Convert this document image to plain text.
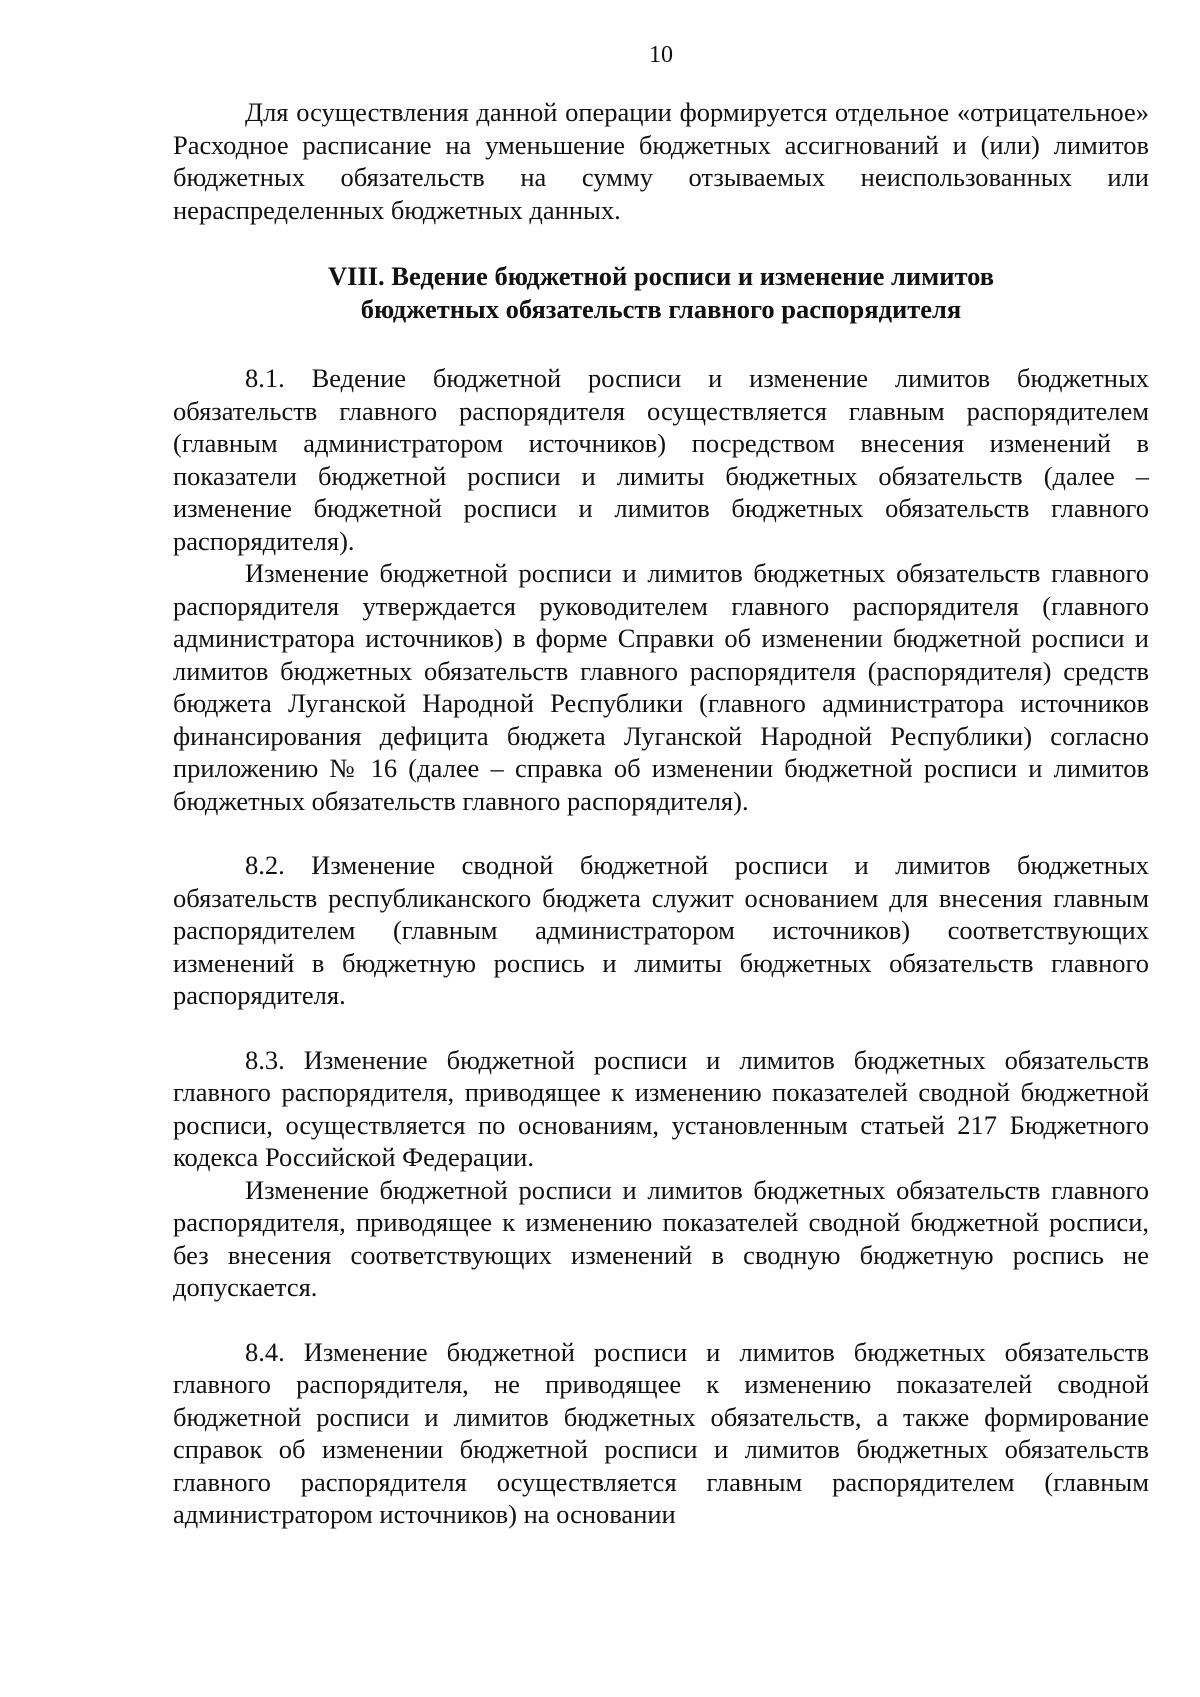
10

Для осуществления данной операции формируется отдельное «отрицательное» Расходное расписание на уменьшение бюджетных ассигнований и (или) лимитов бюджетных обязательств на сумму отзываемых неиспользованных или нераспределенных бюджетных данных.

VIII. Ведение бюджетной росписи и изменение лимитов
бюджетных обязательств главного распорядителя

8.1. Ведение бюджетной росписи и изменение лимитов бюджетных обязательств главного распорядителя осуществляется главным распорядителем (главным администратором источников) посредством внесения изменений в показатели бюджетной росписи и лимиты бюджетных обязательств (далее – изменение бюджетной росписи и лимитов бюджетных обязательств главного распорядителя).

Изменение бюджетной росписи и лимитов бюджетных обязательств главного распорядителя утверждается руководителем главного распорядителя (главного администратора источников) в форме Справки об изменении бюджетной росписи и лимитов бюджетных обязательств главного распорядителя (распорядителя) средств бюджета Луганской Народной Республики (главного администратора источников финансирования дефицита бюджета Луганской Народной Республики) согласно приложению № 16 (далее – справка об изменении бюджетной росписи и лимитов бюджетных обязательств главного распорядителя).

8.2. Изменение сводной бюджетной росписи и лимитов бюджетных обязательств республиканского бюджета служит основанием для внесения главным распорядителем (главным администратором источников) соответствующих изменений в бюджетную роспись и лимиты бюджетных обязательств главного распорядителя.

8.3. Изменение бюджетной росписи и лимитов бюджетных обязательств главного распорядителя, приводящее к изменению показателей сводной бюджетной росписи, осуществляется по основаниям, установленным статьей 217 Бюджетного кодекса Российской Федерации.

Изменение бюджетной росписи и лимитов бюджетных обязательств главного распорядителя, приводящее к изменению показателей сводной бюджетной росписи, без внесения соответствующих изменений в сводную бюджетную роспись не допускается.

8.4. Изменение бюджетной росписи и лимитов бюджетных обязательств главного распорядителя, не приводящее к изменению показателей сводной бюджетной росписи и лимитов бюджетных обязательств, а также формирование справок об изменении бюджетной росписи и лимитов бюджетных обязательств главного распорядителя осуществляется главным распорядителем (главным администратором источников) на основании
